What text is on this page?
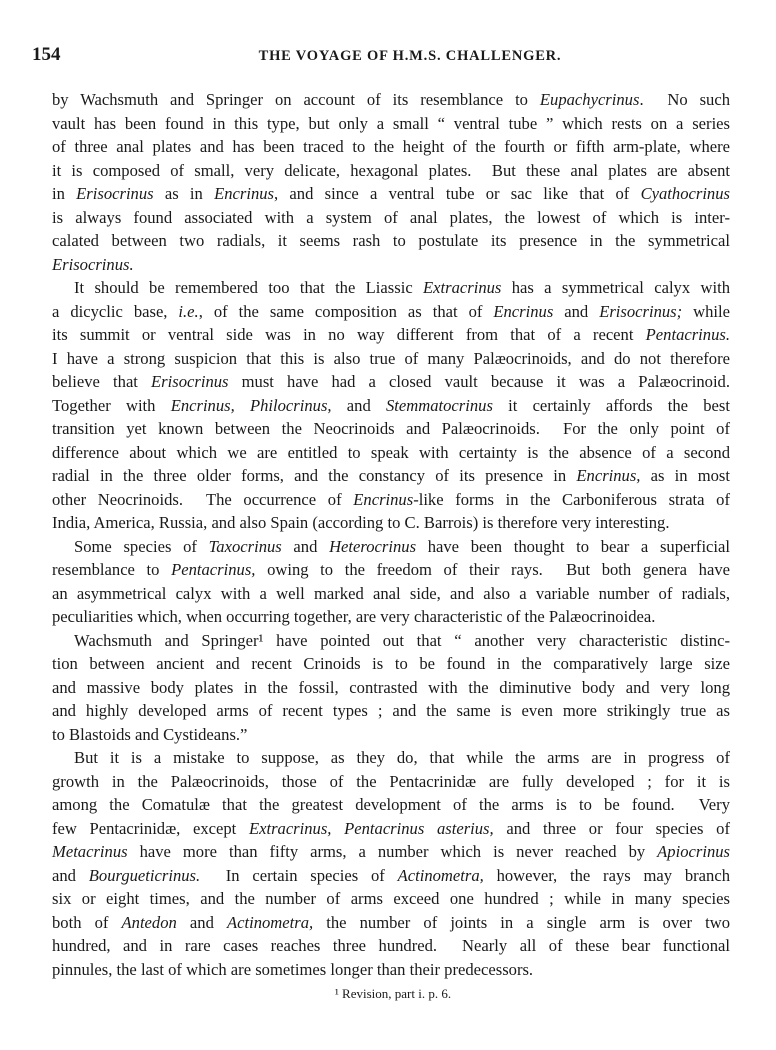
154	THE VOYAGE OF H.M.S. CHALLENGER.
by Wachsmuth and Springer on account of its resemblance to Eupachycrinus.  No such
vault has been found in this type, but only a small “ ventral tube ” which rests on a series
of three anal plates and has been traced to the height of the fourth or fifth arm-plate, where
it is composed of small, very delicate, hexagonal plates.  But these anal plates are absent
in Erisocrinus as in Encrinus, and since a ventral tube or sac like that of Cyathocrinus
is always found associated with a system of anal plates, the lowest of which is inter-
calated between two radials, it seems rash to postulate its presence in the symmetrical
Erisocrinus.
It should be remembered too that the Liassic Extracrinus has a symmetrical calyx with
a dicyclic base, i.e., of the same composition as that of Encrinus and Erisocrinus; while
its summit or ventral side was in no way different from that of a recent Pentacrinus.
I have a strong suspicion that this is also true of many Palæocrinoids, and do not therefore
believe that Erisocrinus must have had a closed vault because it was a Palæocrinoid.
Together with Encrinus, Philocrinus, and Stemmatocrinus it certainly affords the best
transition yet known between the Neocrinoids and Palæocrinoids.  For the only point of
difference about which we are entitled to speak with certainty is the absence of a second
radial in the three older forms, and the constancy of its presence in Encrinus, as in most
other Neocrinoids.  The occurrence of Encrinus-like forms in the Carboniferous strata of
India, America, Russia, and also Spain (according to C. Barrois) is therefore very interesting.
Some species of Taxocrinus and Heterocrinus have been thought to bear a superficial
resemblance to Pentacrinus, owing to the freedom of their rays.  But both genera have
an asymmetrical calyx with a well marked anal side, and also a variable number of radials,
peculiarities which, when occurring together, are very characteristic of the Palæocrinoidea.
Wachsmuth and Springer¹ have pointed out that “ another very characteristic distinc-
tion between ancient and recent Crinoids is to be found in the comparatively large size
and massive body plates in the fossil, contrasted with the diminutive body and very long
and highly developed arms of recent types ; and the same is even more strikingly true as
to Blastoids and Cystideans.”
But it is a mistake to suppose, as they do, that while the arms are in progress of
growth in the Palæocrinoids, those of the Pentacrinidæ are fully developed ; for it is
among the Comatulæ that the greatest development of the arms is to be found.  Very
few Pentacrinidæ, except Extracrinus, Pentacrinus asterius, and three or four species of
Metacrinus have more than fifty arms, a number which is never reached by Apiocrinus
and Bourgueticrinus.  In certain species of Actinometra, however, the rays may branch
six or eight times, and the number of arms exceed one hundred ; while in many species
both of Antedon and Actinometra, the number of joints in a single arm is over two
hundred, and in rare cases reaches three hundred.  Nearly all of these bear functional
pinnules, the last of which are sometimes longer than their predecessors.
¹ Revision, part i. p. 6.
